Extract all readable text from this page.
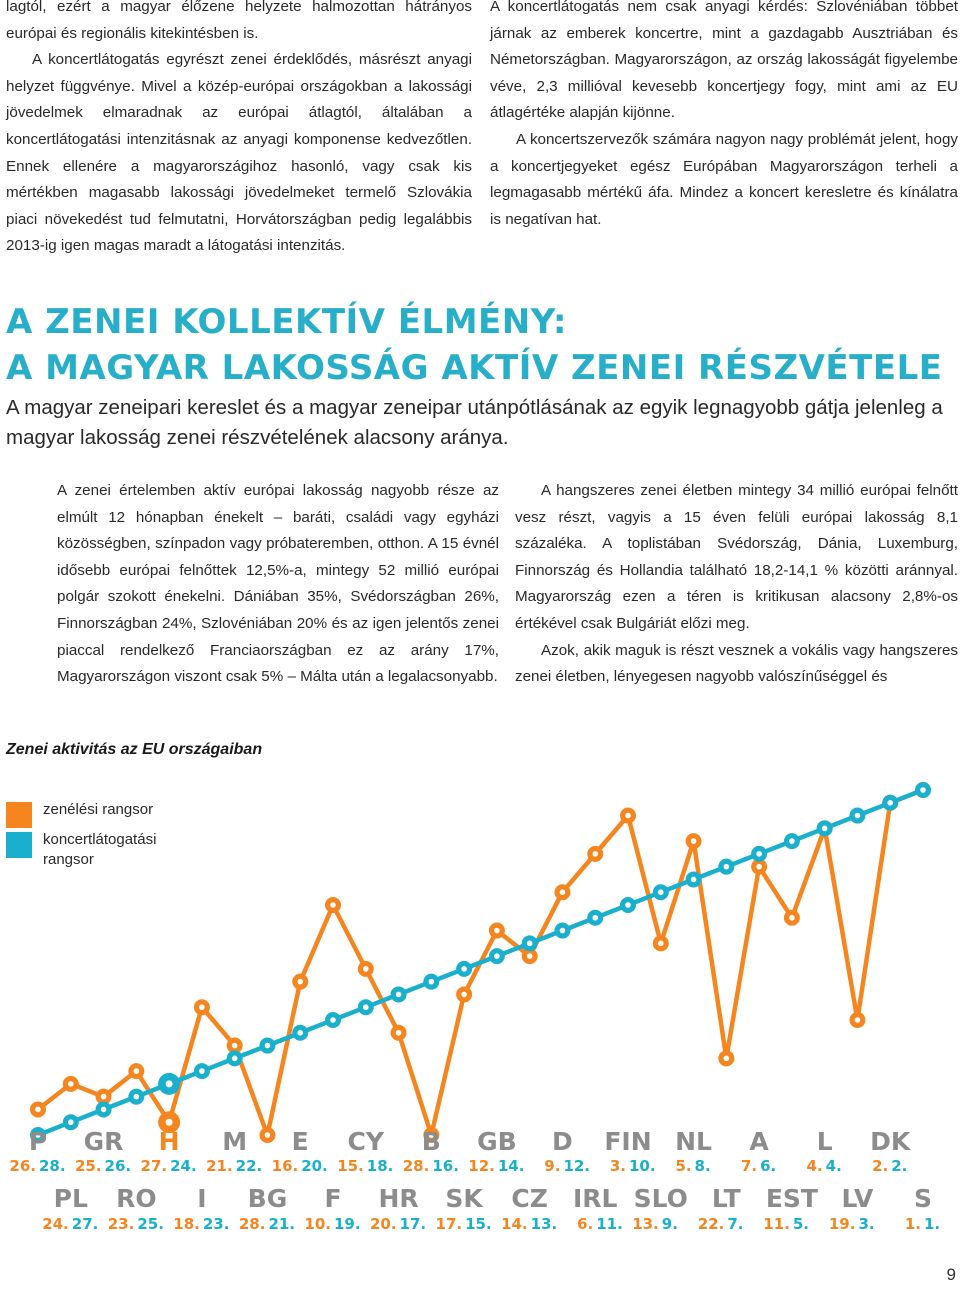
lagtól, ezért a magyar élőzene helyzete halmozottan hátrányos európai és regionális kitekintésben is.

A koncertlátogatás egyrészt zenei érdeklődés, másrészt anyagi helyzet függvénye. Mivel a közép-európai országokban a lakossági jövedelmek elmaradnak az európai átlagtól, általában a koncertlátogatási intenzitásnak az anyagi komponense kedvezőtlen. Ennek ellenére a magyarországihoz hasonló, vagy csak kis mértékben magasabb lakossági jövedelmeket termelő Szlovákia piaci növekedést tud felmutatni, Horvátországban pedig legalábbis 2013-ig igen magas maradt a látogatási intenzitás.

A koncertlátogatás nem csak anyagi kérdés: Szlovéniában többet járnak az emberek koncertre, mint a gazdagabb Ausztriában és Németországban. Magyarországon, az ország lakosságát figyelembe véve, 2,3 millióval kevesebb koncertjegy fogy, mint ami az EU átlagértéke alapján kijönne.

A koncertszervezők számára nagyon nagy problémát jelent, hogy a koncertjegyeket egész Európában Magyarországon terheli a legmagasabb mértékű áfa. Mindez a koncert keresletre és kínálatra is negatívan hat.

A ZENEI KOLLEKTÍV ÉLMÉNY:
A MAGYAR LAKOSSÁG AKTÍV ZENEI RÉSZVÉTELE

A magyar zeneipari kereslet és a magyar zeneipar utánpótlásának az egyik legnagyobb gátja jelenleg a magyar lakosság zenei részvételének alacsony aránya.

A zenei értelemben aktív európai lakosság nagyobb része az elmúlt 12 hónapban énekelt – baráti, családi vagy egyházi közösségben, színpadon vagy próbateremben, otthon. A 15 évnél idősebb európai felnőttek 12,5%-a, mintegy 52 millió európai polgár szokott énekelni. Dániában 35%, Svédországban 26%, Finnországban 24%, Szlovéniában 20% és az igen jelentős zenei piaccal rendelkező Franciaországban ez az arány 17%, Magyarországon viszont csak 5% – Málta után a legalacsonyabb.

A hangszeres zenei életben mintegy 34 millió európai felnőtt vesz részt, vagyis a 15 éven felüli európai lakosság 8,1 százaléka. A toplistában Svédország, Dánia, Luxemburg, Finnország és Hollandia található 18,2-14,1 % közötti aránnyal. Magyarország ezen a téren is kritikusan alacsony 2,8%-os értékével csak Bulgáriát előzi meg.

Azok, akik maguk is részt vesznek a vokális vagy hangszeres zenei életben, lényegesen nagyobb valószínűséggel és

Zenei aktivitás az EU országaiban
zenélési rangsor
koncertlátogatási rangsor
P
26. 28.
PL
24. 27.
GR
25. 26.
RO
23. 25.
H
27. 24.
I
18. 23.
M
21. 22.
BG
28. 21.
E
16. 20.
F
10. 19.
CY
15. 18.
HR
20. 17.
B
28. 16.
SK
17. 15.
GB
12. 14.
CZ
14. 13.
D
9. 12.
IRL
6. 11.
FIN
3. 10.
SLO
13. 9.
NL
5. 8.
LT
22. 7.
A
7. 6.
EST
11. 5.
L
4. 4.
LV
19. 3.
DK
2. 2.
S
1. 1.
9
